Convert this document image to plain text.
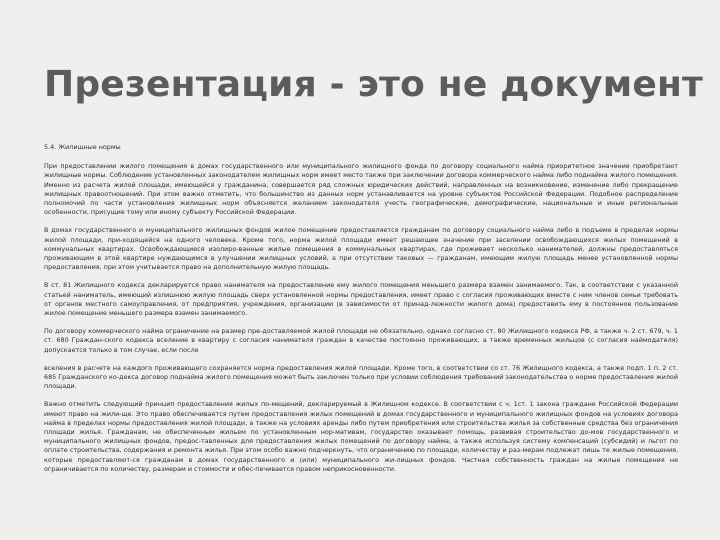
Презентация - это не документ

5.4. Жилищные нормы

При предоставлении жилого помещения в домах государственного или муниципального жилищного фонда по договору социального найма приоритетное значение приобретают жилищные нормы. Соблюдение установленных законодателем жилищных норм имеет место также при заключении договора коммерческого найма либо поднайма жилого помещения. Именно из расчета жилой площади, имеющейся у гражданина, совершается ряд сложных юридических действий, направленных на возникновение, изменение либо прекращение жилищных правоотношений. При этом важно отметить, что большинство из данных норм устанавливается на уровне субъектов Российской Федерации. Подобное распределение полномочий по части установления жилищных норм объясняется желанием законодателя учесть географические, демографические, национальные и иные региональные особенности, присущие тому или иному субъекту Российской Федерации.

В домах государственного и муниципального жилищных фондов жилое помещение предоставляется гражданам по договору социального найма либо в подъеме в пределах нормы жилой площади, при-ходящейся на одного человека. Кроме того, норма жилой площади имеет решающее значение при заселении освобождающихся жилых помещений в коммунальных квартирах. Освобождающиеся изолиро-ванные жилые помещения в коммунальных квартирах, где проживает несколько нанимателей, должны предоставляться проживающим в этой квартире нуждающимся в улучшении жилищных условий, а при отсутствии таковых — гражданам, имеющим жилую площадь менее установленной нормы предоставления, при этом учитывается право на дополнительную жилую площадь.

В ст. 81 Жилищного кодекса декларируется право нанимателя на предоставление ему жилого помещения меньшего размера взамен занимаемого. Так, в соответствии с указанной статьей наниматель, имеющий излишнюю жилую площадь сверх установленной нормы предоставления, имеет право с согласия проживающих вместе с ним членов семьи требовать от органов местного самоуправления, от предприятия, учреждения, организации (в зависимости от принад-лежности жилого дома) предоставить ему в постоянное пользование жилое помещение меньшего размера взамен занимаемого.

По договору коммерческого найма ограничение на размер пре-доставляемой жилой площади не обязательно, однако согласно ст. 80 Жилищного кодекса РФ, а также ч. 2 ст. 679, ч. 1 ст. 680 Граждан-ского кодекса вселение в квартиру с согласия нанимателя граждан в качестве постоянно проживающих, а также временных жильцов (с согласия наймодателя) допускается только в том случае, если после

вселения в расчете на каждого проживающего сохраняется норма предоставления жилой площади. Кроме того, в соответствии со ст. 76 Жилищного кодекса, а также подп. 1 п. 2 ст. 685 Гражданского ко-декса договор поднайма жилого помещения может быть заключен только при условии соблюдения требований законодательства о норме предоставления жилой площади.

Важно отметить следующий принцип предоставления жилых по-мещений, декларируемый в Жилищном кодексе. В соответствии с ч. 1ст. 1 закона граждане Российской Федерации имеют право на жили-ще. Это право обеспечивается путем предоставления жилых помещений в домах государственного и муниципального жилищных фондов на условиях договора найма в пределах нормы предоставления жилой площади, а также на условиях аренды либо путем приобретения или строительства жилья за собственные средства без ограничения площади жилья. Гражданам, не обеспеченным жильем по установленным нор-мативам, государство оказывает помощь, развивая строительство до-мов государственного и муниципального жилищных фондов, предос-тавленных для предоставления жилых помещений по договору найма, а также используя систему компенсаций (субсидий) и льгот по оплате строительства, содержания и ремонта жилья. При этом особо важно подчеркнуть, что ограничению по площади, количеству и раз-мерам подлежат лишь те жилые помещения, которые предоставляют-ся гражданам в домах государственного и (или) муниципального жи-лищных фондов. Частная собственность граждан на жилые помещения не ограничивается по количеству, размерам и стоимости и обес-печивается правом неприкосновенности.
